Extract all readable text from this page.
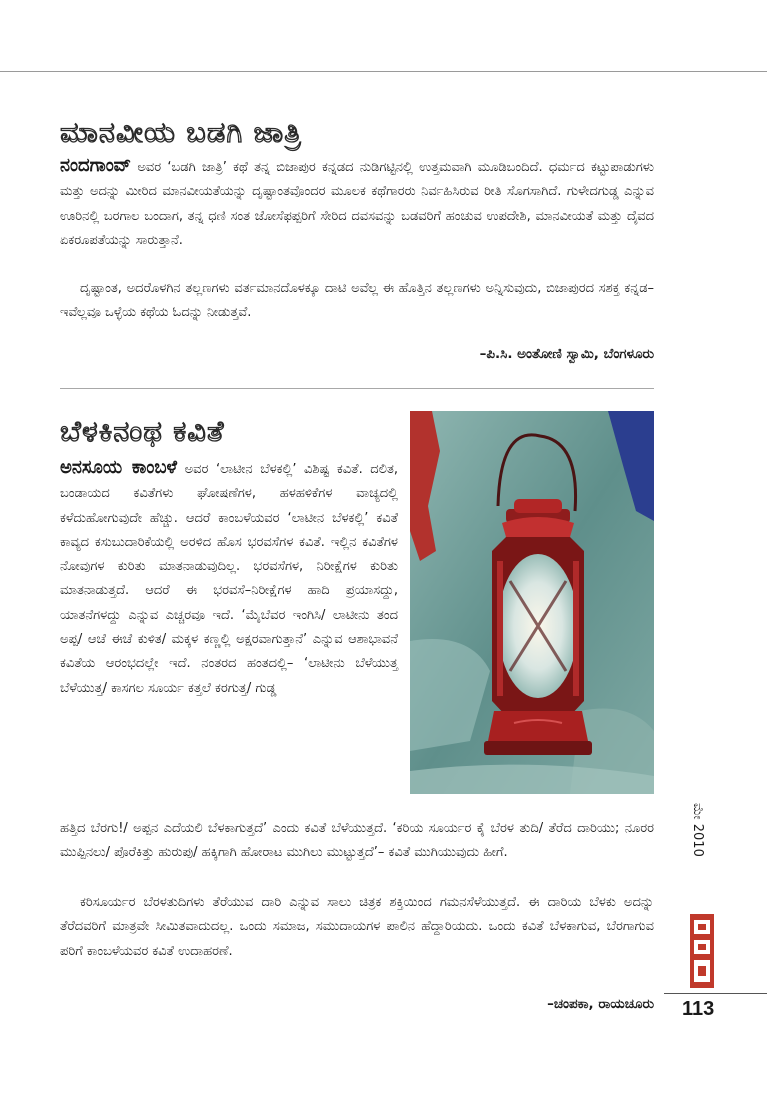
ಮಾನವೀಯ ಬಡಗಿ ಜಾತ್ರಿ

ನಂದಗಾಂವ್ ಅವರ ‘ಬಡಗಿ ಜಾತ್ರಿ’ ಕಥೆ ತನ್ನ ಬಿಜಾಪುರ ಕನ್ನಡದ ನುಡಿಗಟ್ಟಿನಲ್ಲಿ ಉತ್ತಮವಾಗಿ ಮೂಡಿಬಂದಿದೆ. ಧರ್ಮದ ಕಟ್ಟುಪಾಡುಗಳು ಮತ್ತು ಅದನ್ನು ಮೀರಿದ ಮಾನವೀಯತೆಯನ್ನು ದೃಷ್ಟಾಂತವೊಂದರ ಮೂಲಕ ಕಥೆಗಾರರು ನಿರ್ವಹಿಸಿರುವ ರೀತಿ ಸೊಗಸಾಗಿದೆ. ಗುಳೇದಗುಡ್ಡ ಎನ್ನುವ ಊರಿನಲ್ಲಿ ಬರಗಾಲ ಬಂದಾಗ, ತನ್ನ ಧಣಿ ಸಂತ ಜೋಸೆಫಪ್ಪರಿಗೆ ಸೇರಿದ ದವಸವನ್ನು ಬಡವರಿಗೆ ಹಂಚುವ ಉಪದೇಶಿ, ಮಾನವೀಯತೆ ಮತ್ತು ದೈವದ ಏಕರೂಪತೆಯನ್ನು ಸಾರುತ್ತಾನೆ.

ದೃಷ್ಟಾಂತ, ಅದರೊಳಗಿನ ತಲ್ಲಣಗಳು ವರ್ತಮಾನದೊಳಕ್ಕೂ ದಾಟಿ ಅವೆಲ್ಲ ಈ ಹೊತ್ತಿನ ತಲ್ಲಣಗಳು ಅನ್ನಿಸುವುದು, ಬಿಜಾಪುರದ ಸಶಕ್ತ ಕನ್ನಡ– ಇವೆಲ್ಲವೂ ಒಳ್ಳೆಯ ಕಥೆಯ ಓದನ್ನು ನೀಡುತ್ತವೆ.

–ಪಿ.ಸಿ. ಅಂತೋಣಿ ಸ್ವಾಮಿ, ಬೆಂಗಳೂರು
ಬೆಳಕಿನಂಥ ಕವಿತೆ

ಅನಸೂಯ ಕಾಂಬಳೆ ಅವರ ‘ಲಾಟೀನ ಬೆಳಕಲ್ಲಿ’ ವಿಶಿಷ್ಟ ಕವಿತೆ. ದಲಿತ, ಬಂಡಾಯದ ಕವಿತೆಗಳು ಘೋಷಣೆಗಳ, ಹಳಹಳಿಕೆಗಳ ವಾಚ್ಯದಲ್ಲಿ ಕಳೆದುಹೋಗುವುದೇ ಹೆಚ್ಚು. ಆದರೆ ಕಾಂಬಳೆಯವರ ‘ಲಾಟೀನ ಬೆಳಕಲ್ಲಿ’ ಕವಿತೆ ಕಾವ್ಯದ ಕಸುಬುದಾರಿಕೆಯಲ್ಲಿ ಅರಳಿದ ಹೊಸ ಭರವಸೆಗಳ ಕವಿತೆ. ಇಲ್ಲಿನ ಕವಿತೆಗಳ ನೋವುಗಳ ಕುರಿತು ಮಾತನಾಡುವುದಿಲ್ಲ. ಭರವಸೆಗಳ, ನಿರೀಕ್ಷೆಗಳ ಕುರಿತು ಮಾತನಾಡುತ್ತದೆ. ಆದರೆ ಈ ಭರವಸೆ–ನಿರೀಕ್ಷೆಗಳ ಹಾದಿ ಪ್ರಯಾಸದ್ದು, ಯಾತನೆಗಳದ್ದು ಎನ್ನುವ ಎಚ್ಚರವೂ ಇದೆ. ‘ಮೈಬೆವರ ಇಂಗಿಸಿ/ ಲಾಟೀನು ತಂದ ಅಪ್ಪ/ ಆಚೆ ಈಚೆ ಕುಳಿತ/ ಮಕ್ಕಳ ಕಣ್ಣಲ್ಲಿ ಅಕ್ಷರವಾಗುತ್ತಾನೆ’ ಎನ್ನುವ ಆಶಾಭಾವನೆ ಕವಿತೆಯ ಆರಂಭದಲ್ಲೇ ಇದೆ. ನಂತರದ ಹಂತದಲ್ಲಿ– ‘ಲಾಟೀನು ಬೆಳೆಯುತ್ತ ಬೆಳೆಯುತ್ತ/ ಕಾಸಗಲ ಸೂರ್ಯ ಕತ್ತಲೆ ಕರಗುತ್ತ/ ಗುಡ್ಡ

ಹತ್ತಿದ ಬೆರಗು!/ ಅಪ್ಪನ ಎದೆಯಲಿ ಬೆಳಕಾಗುತ್ತದೆ’ ಎಂದು ಕವಿತೆ ಬೆಳೆಯುತ್ತದೆ. ‘ಕರಿಯ ಸೂರ್ಯರ ಕೈ ಬೆರಳ ತುದಿ/ ತೆರೆದ ದಾರಿಯು; ನೂರರ ಮುಪ್ಪಿನಲು/ ಪೊರೆಕಿತ್ತು ಹುರುಪು/ ಹಕ್ಕಿಗಾಗಿ ಹೋರಾಟ ಮುಗಿಲು ಮುಟ್ಟುತ್ತದೆ’– ಕವಿತೆ ಮುಗಿಯುವುದು ಹೀಗೆ.

ಕರಿಸೂರ್ಯರ ಬೆರಳತುದಿಗಳು ತೆರೆಯುವ ದಾರಿ ಎನ್ನುವ ಸಾಲು ಚಿತ್ರಕ ಶಕ್ತಿಯಿಂದ ಗಮನಸೆಳೆಯುತ್ತದೆ. ಈ ದಾರಿಯ ಬೆಳಕು ಅದನ್ನು ತೆರೆದವರಿಗೆ ಮಾತ್ರವೇ ಸೀಮಿತವಾದುದಲ್ಲ. ಒಂದು ಸಮಾಜ, ಸಮುದಾಯಗಳ ಪಾಲಿನ ಹೆದ್ದಾರಿಯದು. ಒಂದು ಕವಿತೆ ಬೆಳಕಾಗುವ, ಬೆರಗಾಗುವ ಪರಿಗೆ ಕಾಂಬಳೆಯವರ ಕವಿತೆ ಉದಾಹರಣೆ.

–ಚಂಪಕಾ, ರಾಯಚೂರು
ಮೇ 2010
113
